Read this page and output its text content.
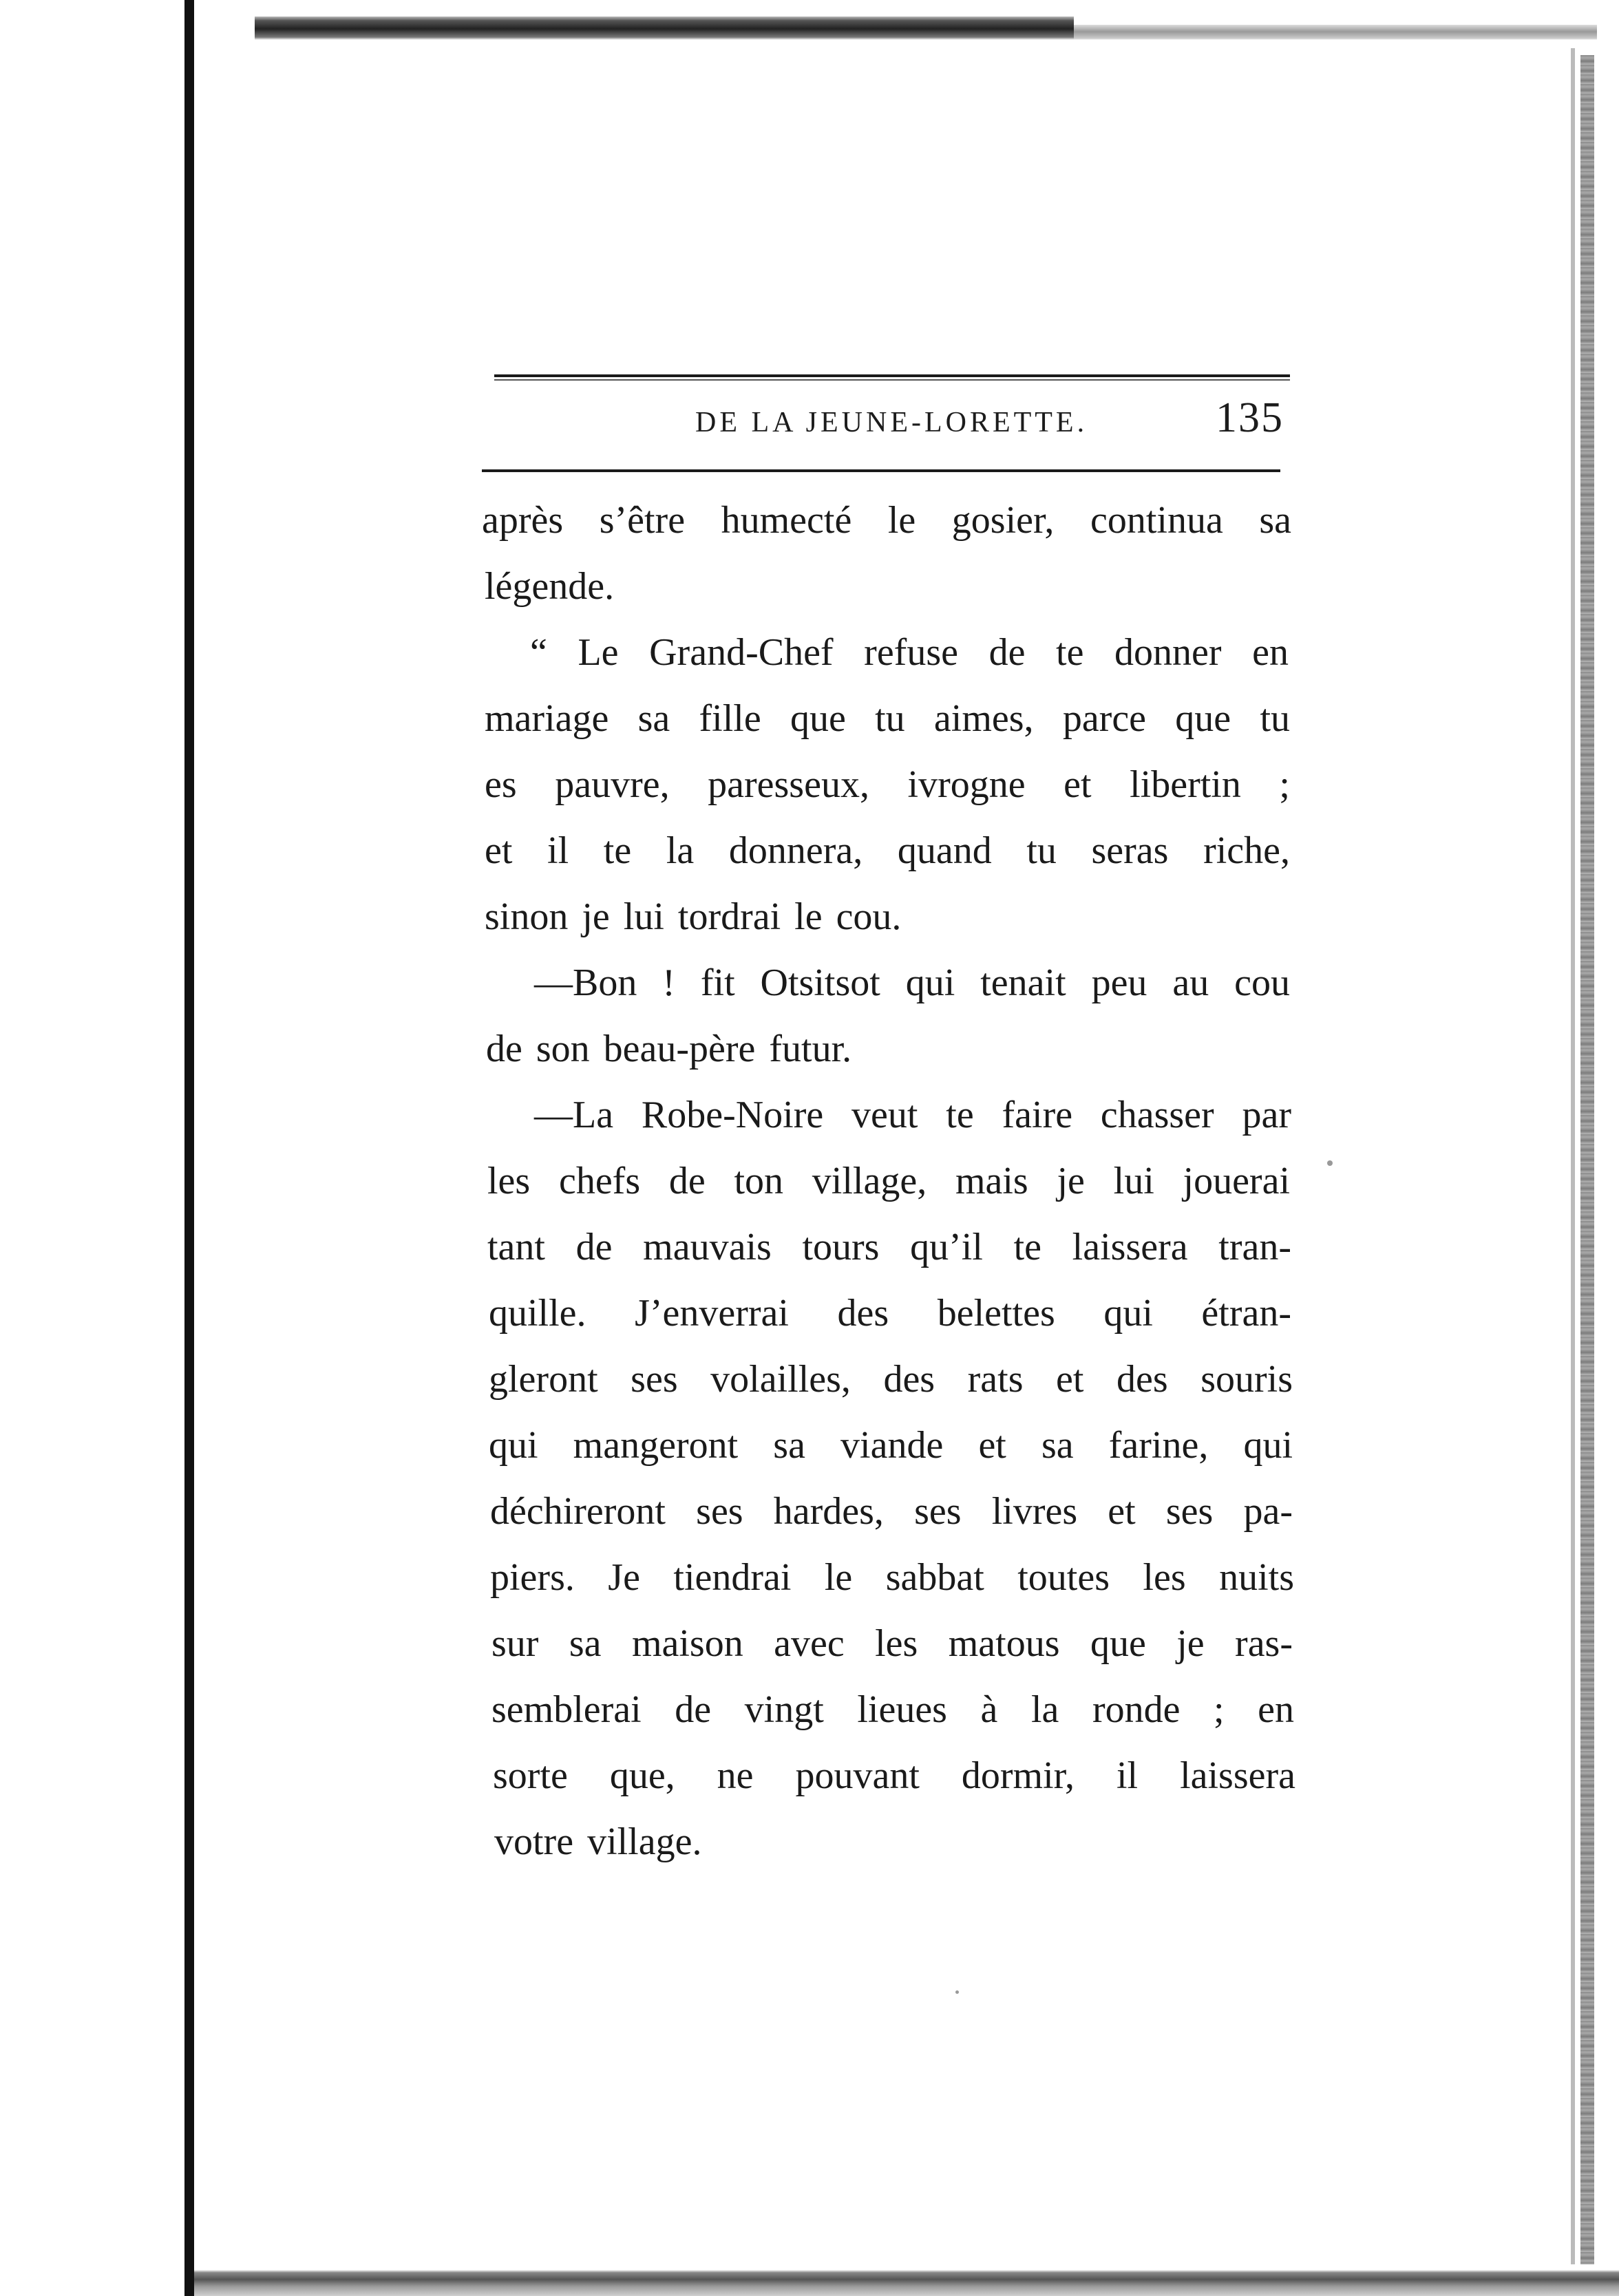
DE LA JEUNE-LORETTE.	135
après s’être humecté le gosier, continua sa
légende.
“ Le Grand-Chef refuse de te donner en
mariage sa fille que tu aimes, parce que tu
es pauvre, paresseux, ivrogne et libertin ;
et il te la donnera, quand tu seras riche,
sinon je lui tordrai le cou.
—Bon ! fit Otsitsot qui tenait peu au cou
de son beau-père futur.
—La Robe-Noire veut te faire chasser par
les chefs de ton village, mais je lui jouerai
tant de mauvais tours qu’il te laissera tran-
quille. J’enverrai des belettes qui étran-
gleront ses volailles, des rats et des souris
qui mangeront sa viande et sa farine, qui
déchireront ses hardes, ses livres et ses pa-
piers. Je tiendrai le sabbat toutes les nuits
sur sa maison avec les matous que je ras-
semblerai de vingt lieues à la ronde ; en
sorte que, ne pouvant dormir, il laissera
votre village.
